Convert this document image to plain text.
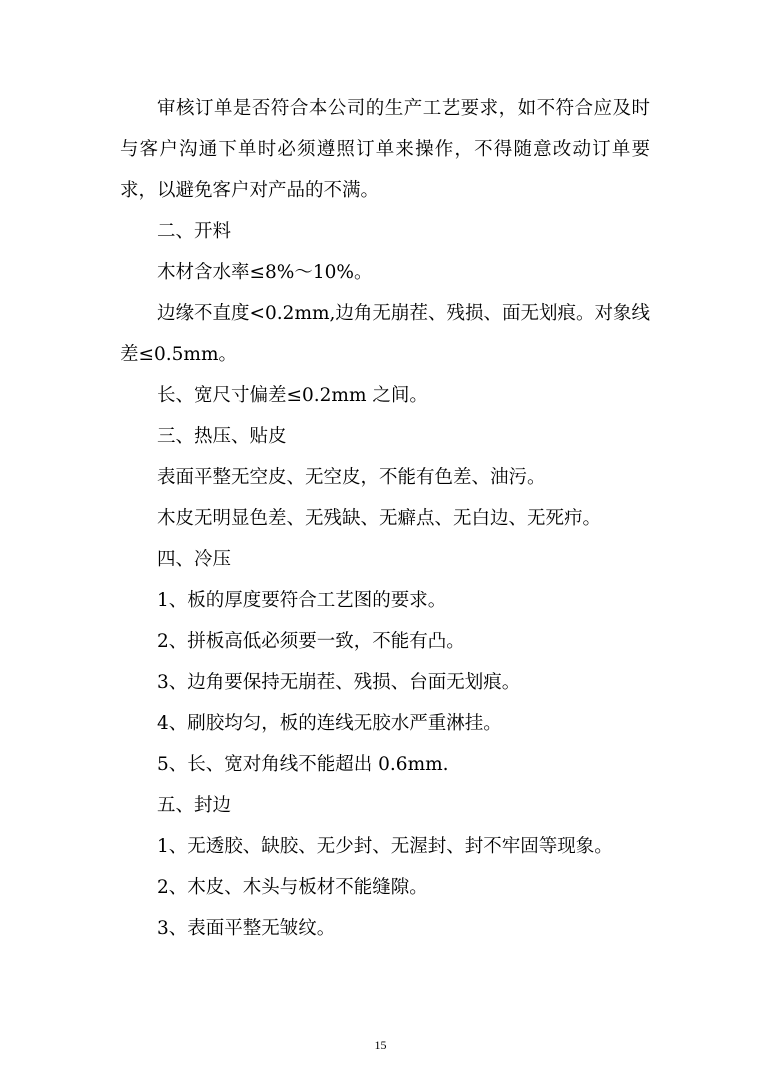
审核订单是否符合本公司的生产工艺要求，如不符合应及时与客户沟通下单时必须遵照订单来操作，不得随意改动订单要求，以避免客户对产品的不满。

二、开料

木材含水率≤8%～10%。

边缘不直度<0.2mm,边角无崩茬、残损、面无划痕。对象线差≤0.5mm。

长、宽尺寸偏差≤0.2mm 之间。

三、热压、贴皮

表面平整无空皮、无空皮，不能有色差、油污。

木皮无明显色差、无残缺、无癖点、无白边、无死疖。

四、冷压

1、板的厚度要符合工艺图的要求。

2、拼板高低必须要一致，不能有凸。

3、边角要保持无崩茬、残损、台面无划痕。

4、刷胶均匀，板的连线无胶水严重淋挂。

5、长、宽对角线不能超出 0.6mm.

五、封边

1、无透胶、缺胶、无少封、无渥封、封不牢固等现象。

2、木皮、木头与板材不能缝隙。

3、表面平整无皱纹。

15
